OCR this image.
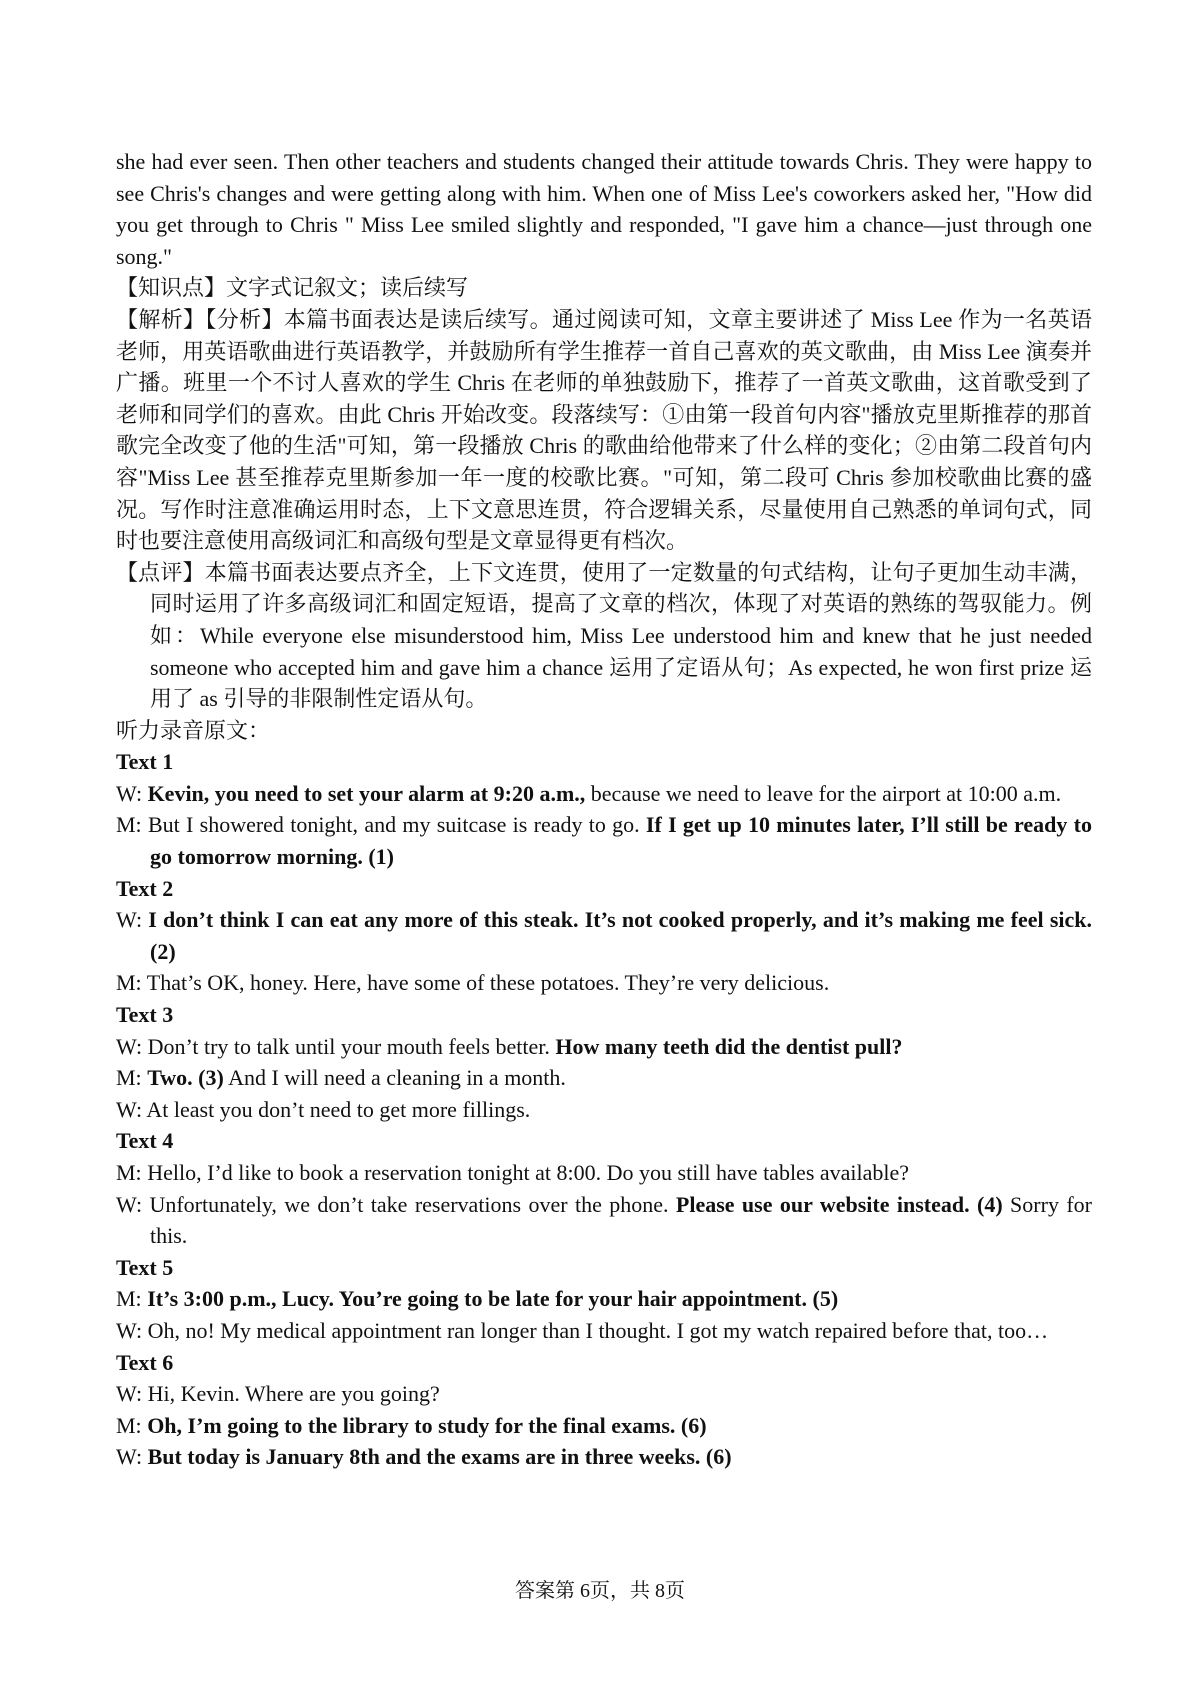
she had ever seen. Then other teachers and students changed their attitude towards Chris. They were happy to see Chris's changes and were getting along with him. When one of Miss Lee's coworkers asked her, "How did you get through to Chris " Miss Lee smiled slightly and responded, "I gave him a chance—just through one song."

【知识点】文字式记叙文；读后续写

【解析】【分析】本篇书面表达是读后续写。通过阅读可知，文章主要讲述了 Miss Lee 作为一名英语老师，用英语歌曲进行英语教学，并鼓励所有学生推荐一首自己喜欢的英文歌曲，由 Miss Lee 演奏并广播。班里一个不讨人喜欢的学生 Chris 在老师的单独鼓励下，推荐了一首英文歌曲，这首歌受到了老师和同学们的喜欢。由此 Chris 开始改变。段落续写：①由第一段首句内容"播放克里斯推荐的那首歌完全改变了他的生活"可知，第一段播放 Chris 的歌曲给他带来了什么样的变化；②由第二段首句内容"Miss Lee 甚至推荐克里斯参加一年一度的校歌比赛。"可知，第二段可 Chris 参加校歌曲比赛的盛况。写作时注意准确运用时态，上下文意思连贯，符合逻辑关系，尽量使用自己熟悉的单词句式，同时也要注意使用高级词汇和高级句型是文章显得更有档次。

【点评】本篇书面表达要点齐全，上下文连贯，使用了一定数量的句式结构，让句子更加生动丰满，同时运用了许多高级词汇和固定短语，提高了文章的档次，体现了对英语的熟练的驾驭能力。例如：While everyone else misunderstood him, Miss Lee understood him and knew that he just needed someone who accepted him and gave him a chance 运用了定语从句；As expected, he won first prize 运用了 as 引导的非限制性定语从句。

听力录音原文：

Text 1

W: Kevin, you need to set your alarm at 9:20 a.m., because we need to leave for the airport at 10:00 a.m.

M: But I showered tonight, and my suitcase is ready to go. If I get up 10 minutes later, I’ll still be ready to go tomorrow morning. (1)

Text 2

W: I don’t think I can eat any more of this steak. It’s not cooked properly, and it’s making me feel sick. (2)

M: That’s OK, honey. Here, have some of these potatoes. They’re very delicious.

Text 3

W: Don’t try to talk until your mouth feels better. How many teeth did the dentist pull?

M: Two. (3) And I will need a cleaning in a month.

W: At least you don’t need to get more fillings.

Text 4

M: Hello, I’d like to book a reservation tonight at 8:00. Do you still have tables available?

W: Unfortunately, we don’t take reservations over the phone. Please use our website instead. (4) Sorry for this.

Text 5

M: It’s 3:00 p.m., Lucy. You’re going to be late for your hair appointment. (5)

W: Oh, no! My medical appointment ran longer than I thought. I got my watch repaired before that, too…

Text 6

W: Hi, Kevin. Where are you going?

M: Oh, I’m going to the library to study for the final exams. (6)

W: But today is January 8th and the exams are in three weeks. (6)

答案第 6页，共 8页
